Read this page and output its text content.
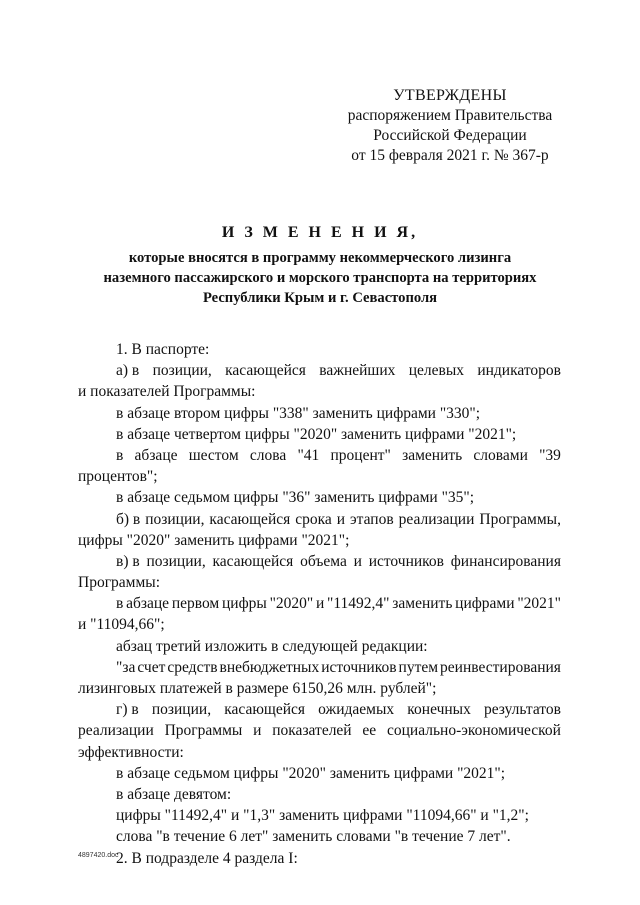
УТВЕРЖДЕНЫ
распоряжением Правительства
Российской Федерации
от 15 февраля 2021 г. № 367-р
И З М Е Н Е Н И Я,
которые вносятся в программу некоммерческого лизинга
наземного пассажирского и морского транспорта на территориях
Республики Крым и г. Севастополя
1. В паспорте:
а) в позиции, касающейся важнейших целевых индикаторов
и показателей Программы:
в абзаце втором цифры "338" заменить цифрами "330";
в абзаце четвертом цифры "2020" заменить цифрами "2021";
в абзаце шестом слова "41 процент" заменить словами "39
процентов";
в абзаце седьмом цифры "36" заменить цифрами "35";
б) в позиции, касающейся срока и этапов реализации Программы,
цифры "2020" заменить цифрами "2021";
в) в позиции, касающейся объема и источников финансирования
Программы:
в абзаце первом цифры "2020" и "11492,4" заменить цифрами "2021"
и "11094,66";
абзац третий изложить в следующей редакции:
"за счет средств внебюджетных источников путем реинвестирования
лизинговых платежей в размере 6150,26 млн. рублей";
г) в позиции, касающейся ожидаемых конечных результатов
реализации Программы и показателей ее социально-экономической
эффективности:
в абзаце седьмом цифры "2020" заменить цифрами "2021";
в абзаце девятом:
цифры "11492,4" и "1,3" заменить цифрами "11094,66" и "1,2";
слова "в течение 6 лет" заменить словами "в течение 7 лет".
2. В подразделе 4 раздела I:
4897420.doc
